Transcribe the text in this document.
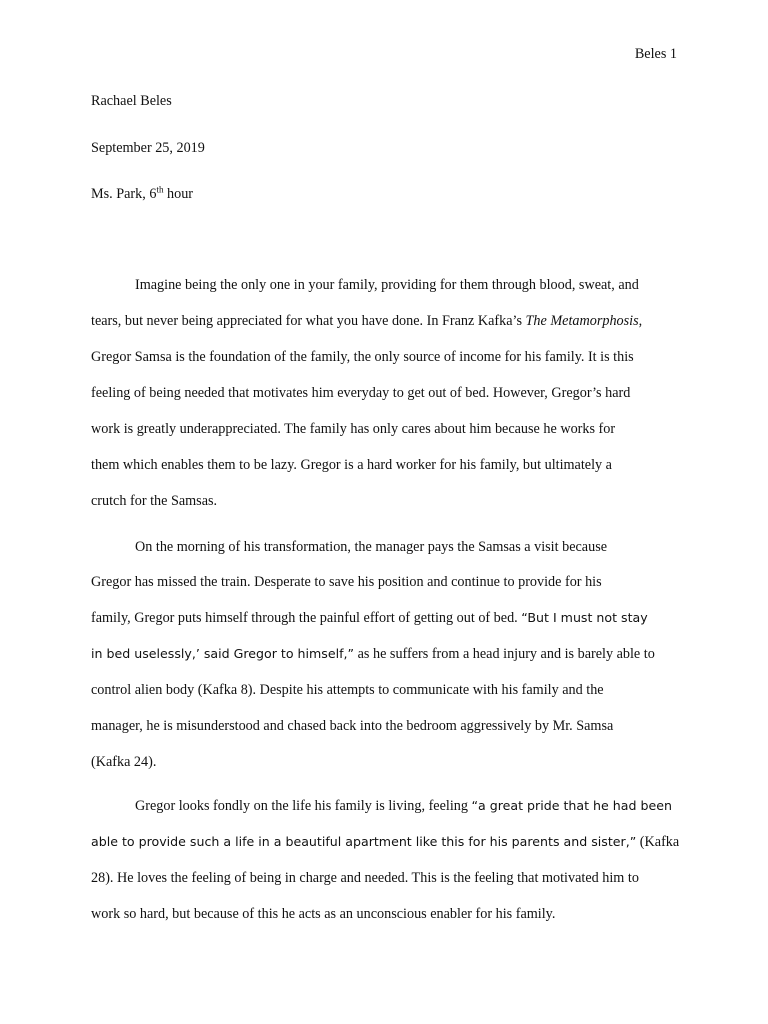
Beles 1
Rachael Beles
September 25, 2019
Ms. Park, 6th hour
Imagine being the only one in your family, providing for them through blood, sweat, and
tears, but never being appreciated for what you have done. In Franz Kafka’s The Metamorphosis,
Gregor Samsa is the foundation of the family, the only source of income for his family. It is this
feeling of being needed that motivates him everyday to get out of bed. However, Gregor’s hard
work is greatly underappreciated. The family has only cares about him because he works for
them which enables them to be lazy. Gregor is a hard worker for his family, but ultimately a
crutch for the Samsas.
On the morning of his transformation, the manager pays the Samsas a visit because
Gregor has missed the train. Desperate to save his position and continue to provide for his
family, Gregor puts himself through the painful effort of getting out of bed. “But I must not stay
in bed uselessly,’ said Gregor to himself,” as he suffers from a head injury and is barely able to
control alien body (Kafka 8). Despite his attempts to communicate with his family and the
manager, he is misunderstood and chased back into the bedroom aggressively by Mr. Samsa
(Kafka 24).
Gregor looks fondly on the life his family is living, feeling “a great pride that he had been
able to provide such a life in a beautiful apartment like this for his parents and sister,” (Kafka
28). He loves the feeling of being in charge and needed. This is the feeling that motivated him to
work so hard, but because of this he acts as an unconscious enabler for his family.
